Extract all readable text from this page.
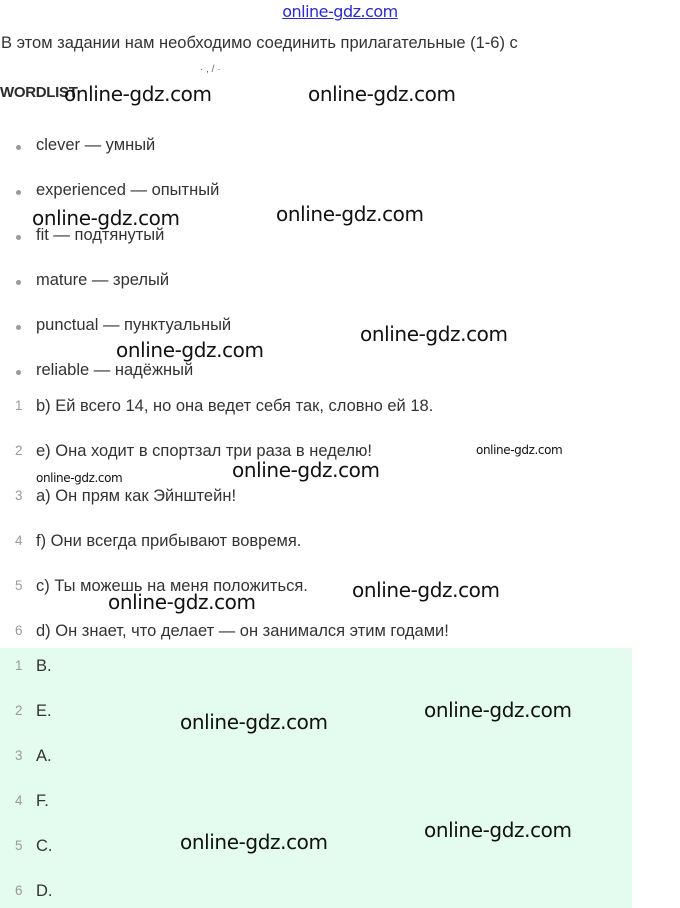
online-gdz.com
В этом задании нам необходимо соединить прилагательные (1-6) с
· , / ·
WORDLIST
clever — умный
experienced — опытный
fit — подтянутый
mature — зрелый
punctual — пунктуальный
reliable — надёжный
1 b) Ей всего 14, но она ведет себя так, словно ей 18.
2 e) Она ходит в спортзал три раза в неделю!
3 a) Он прям как Эйнштейн!
4 f) Они всегда прибывают вовремя.
5 c) Ты можешь на меня положиться.
6 d) Он знает, что делает — он занимался этим годами!
1 B.
2 E.
3 A.
4 F.
5 C.
6 D.
online-gdz.com	online-gdz.com
online-gdz.com	online-gdz.com
online-gdz.com
online-gdz.com
online-gdz.com
online-gdz.com
online-gdz.com
online-gdz.com
online-gdz.com
online-gdz.com	online-gdz.com
online-gdz.com	online-gdz.com
